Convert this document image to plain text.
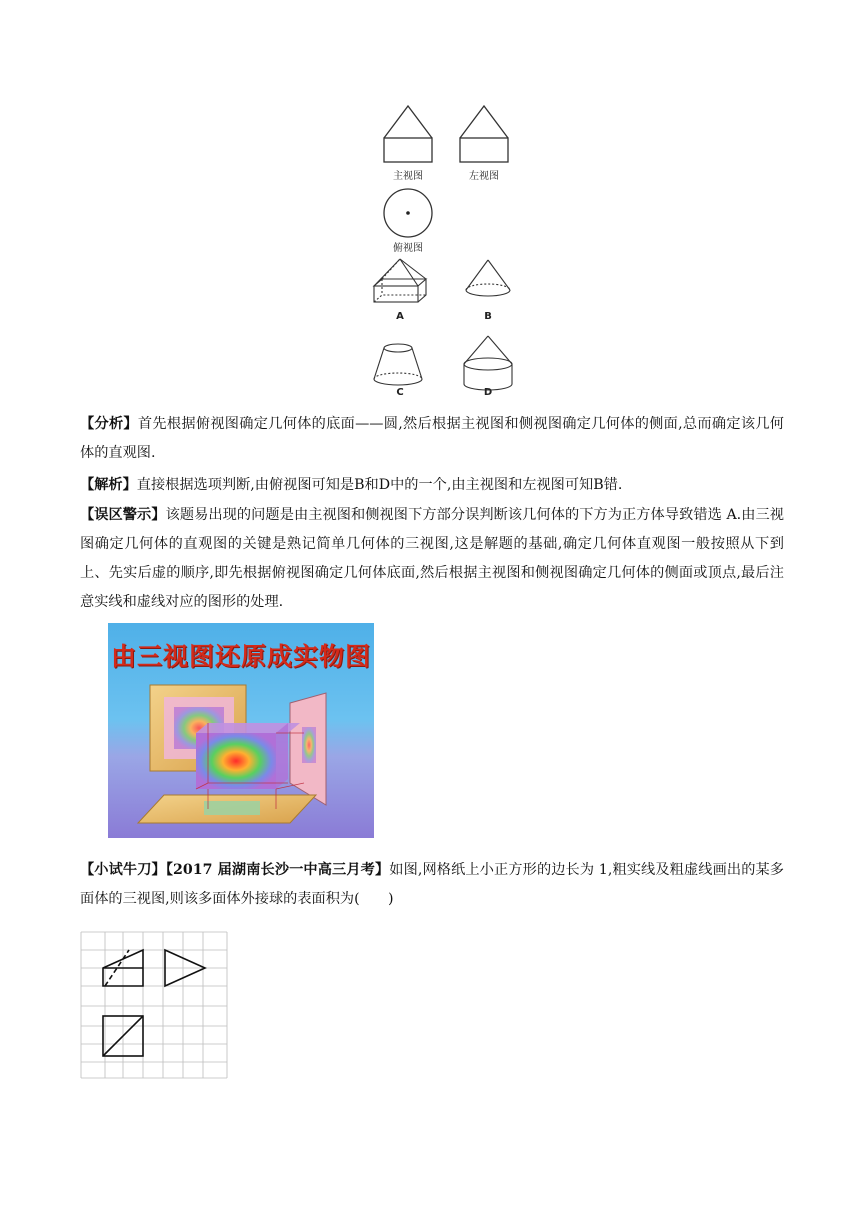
主视图	左视图
俯视图
A	B
C	D
【分析】首先根据俯视图确定几何体的底面——圆,然后根据主视图和侧视图确定几何体的侧面,总而确定该几何体的直观图.
【解析】直接根据选项判断,由俯视图可知是B和D中的一个,由主视图和左视图可知B错.
【误区警示】该题易出现的问题是由主视图和侧视图下方部分误判断该几何体的下方为正方体导致错选 A.由三视图确定几何体的直观图的关键是熟记简单几何体的三视图,这是解题的基础,确定几何体直观图一般按照从下到上、先实后虚的顺序,即先根据俯视图确定几何体底面,然后根据主视图和侧视图确定几何体的侧面或顶点,最后注意实线和虚线对应的图形的处理.
由三视图还原成实物图
【小试牛刀】【2017 届湖南长沙一中高三月考】如图,网格纸上小正方形的边长为 1,粗实线及粗虚线画出的某多面体的三视图,则该多面体外接球的表面积为(　　)
